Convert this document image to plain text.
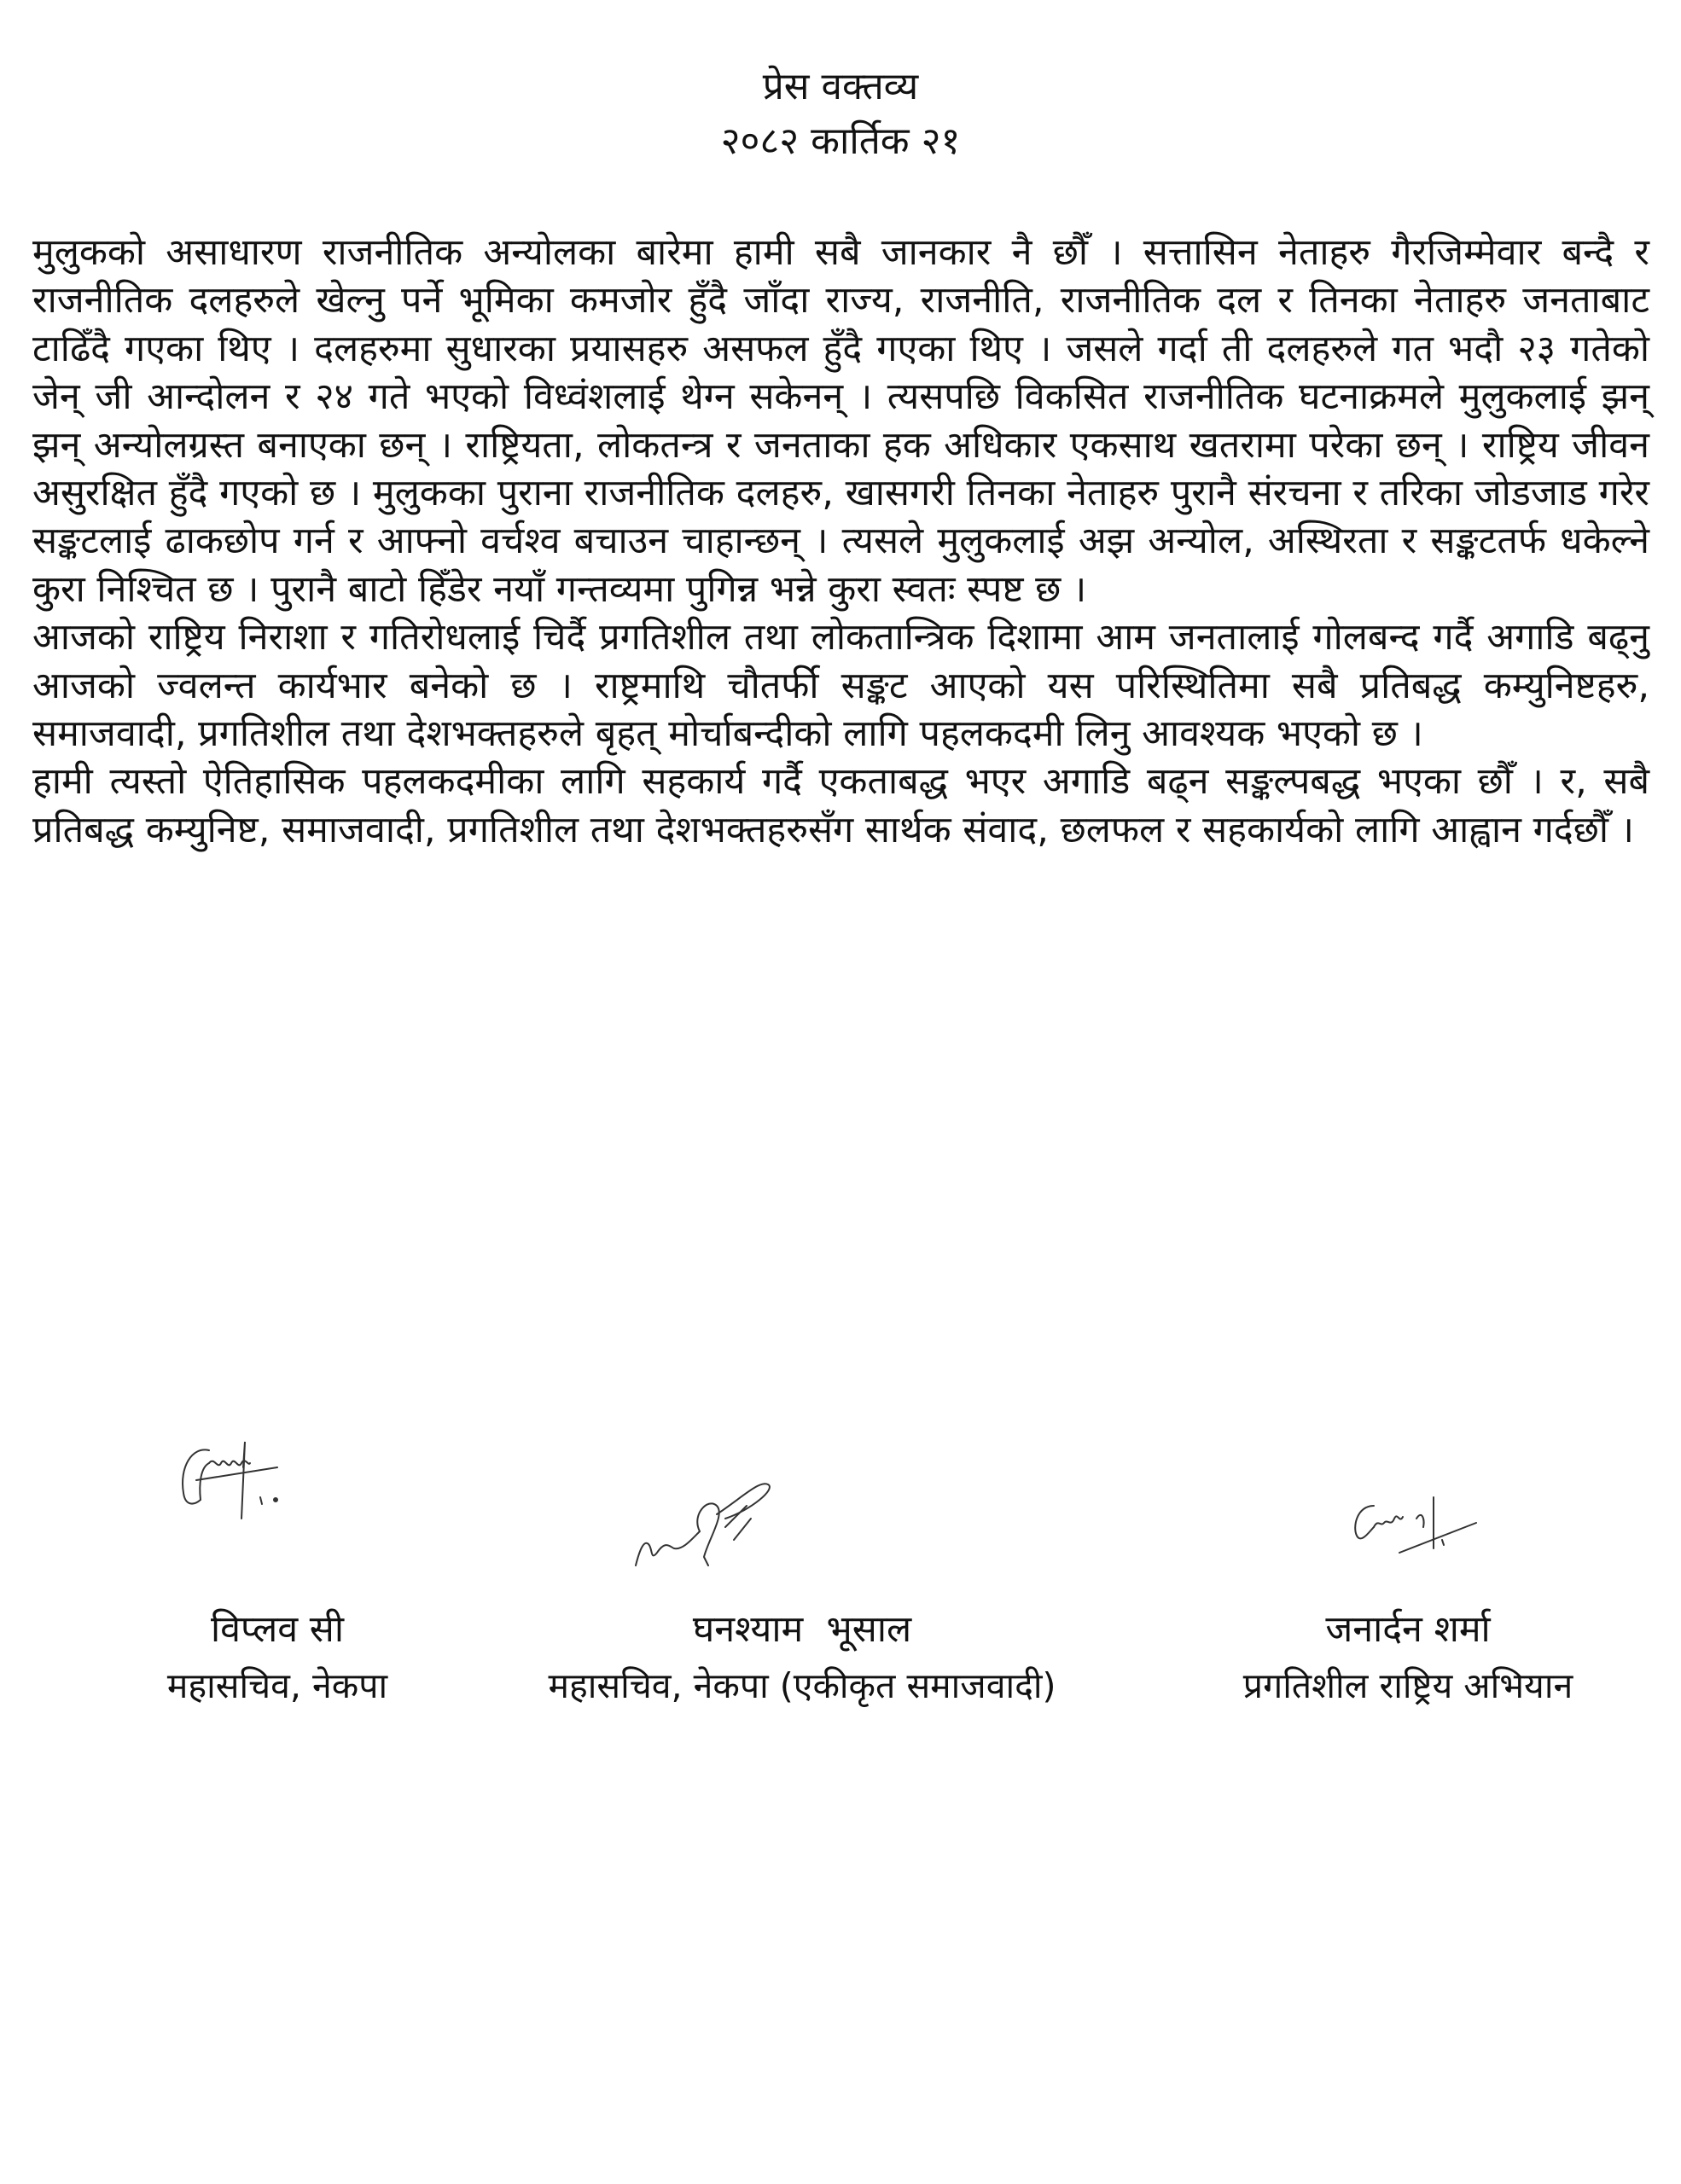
प्रेस वक्तव्य
२०८२ कार्तिक २१

मुलुकको असाधारण राजनीतिक अन्योलका बारेमा हामी सबै जानकार नै छौँ । सत्तासिन नेताहरु गैरजिम्मेवार बन्दै र राजनीतिक दलहरुले खेल्नु पर्ने भूमिका कमजोर हुँदै जाँदा राज्य, राजनीति, राजनीतिक दल र तिनका नेताहरु जनताबाट टाढिँदै गएका थिए । दलहरुमा सुधारका प्रयासहरु असफल हुँदै गएका थिए । जसले गर्दा ती दलहरुले गत भदौ २३ गतेको जेन् जी आन्दोलन र २४ गते भएको विध्वंशलाई थेग्न सकेनन् । त्यसपछि विकसित राजनीतिक घटनाक्रमले मुलुकलाई झन् झन् अन्योलग्रस्त बनाएका छन् । राष्ट्रियता, लोकतन्त्र र जनताका हक अधिकार एकसाथ खतरामा परेका छन् । राष्ट्रिय जीवन असुरक्षित हुँदै गएको छ । मुलुकका पुराना राजनीतिक दलहरु, खासगरी तिनका नेताहरु पुरानै संरचना र तरिका जोडजाड गरेर सङ्कटलाई ढाकछोप गर्न र आफ्नो वर्चश्व बचाउन चाहान्छन् । त्यसले मुलुकलाई अझ अन्योल, अस्थिरता र सङ्कटतर्फ धकेल्ने कुरा निश्चित छ । पुरानै बाटो हिँडेर नयाँ गन्तव्यमा पुगिन्न भन्ने कुरा स्वतः स्पष्ट छ ।

आजको राष्ट्रिय निराशा र गतिरोधलाई चिर्दै प्रगतिशील तथा लोकतान्त्रिक दिशामा आम जनतालाई गोलबन्द गर्दै अगाडि बढ्नु आजको ज्वलन्त कार्यभार बनेको छ । राष्ट्रमाथि चौतर्फी सङ्कट आएको यस परिस्थितिमा सबै प्रतिबद्ध कम्युनिष्टहरु, समाजवादी, प्रगतिशील तथा देशभक्तहरुले बृहत् मोर्चाबन्दीको लागि पहलकदमी लिनु आवश्यक भएको छ ।

हामी त्यस्तो ऐतिहासिक पहलकदमीका लागि सहकार्य गर्दै एकताबद्ध भएर अगाडि बढ्न सङ्कल्पबद्ध भएका छौँ । र, सबै प्रतिबद्ध कम्युनिष्ट, समाजवादी, प्रगतिशील तथा देशभक्तहरुसँग सार्थक संवाद, छलफल र सहकार्यको लागि आह्वान गर्दछौँ ।

विप्लव सी
महासचिव, नेकपा
घनश्याम  भूसाल
महासचिव, नेकपा (एकीकृत समाजवादी)
जनार्दन शर्मा
प्रगतिशील राष्ट्रिय अभियान
